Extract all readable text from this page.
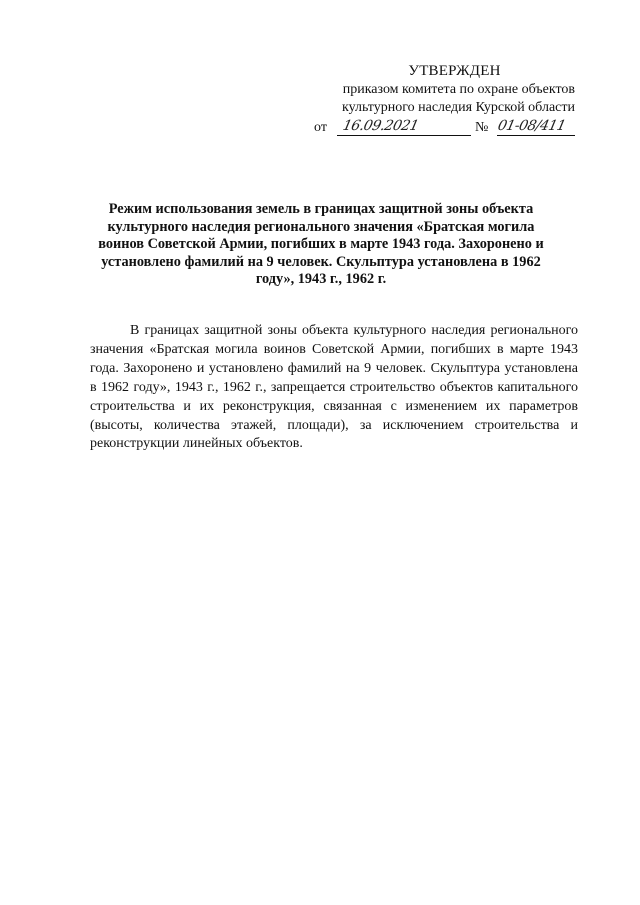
УТВЕРЖДЕН
приказом комитета по охране объектов
культурного наследия Курской области
от 16.09.2021	№ 01-08/411
Режим использования земель в границах защитной зоны объекта культурного наследия регионального значения «Братская могила воинов Советской Армии, погибших в марте 1943 года. Захоронено и установлено фамилий на 9 человек. Скульптура установлена в 1962 году», 1943 г., 1962 г.

В границах защитной зоны объекта культурного наследия регионального значения «Братская могила воинов Советской Армии, погибших в марте 1943 года. Захоронено и установлено фамилий на 9 человек. Скульптура установлена в 1962 году», 1943 г., 1962 г., запрещается строительство объектов капитального строительства и их реконструкция, связанная с изменением их параметров (высоты, количества этажей, площади), за исключением строительства и реконструкции линейных объектов.
